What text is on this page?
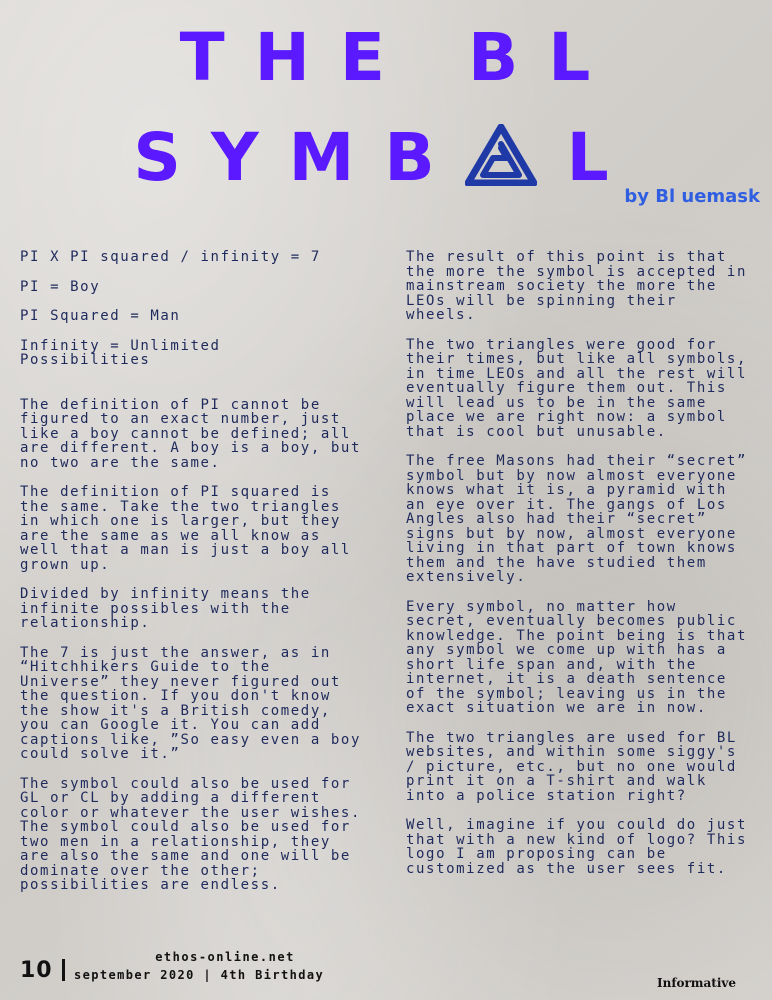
THE BL
SYMB L

by Bl uemask

PI X PI squared / infinity = 7

PI = Boy

PI Squared = Man

Infinity = Unlimited Possibilities

The definition of PI cannot be figured to an exact number, just like a boy cannot be defined; all are different. A boy is a boy, but no two are the same.

The definition of PI squared is the same. Take the two triangles in which one is larger, but they are the same as we all know as well that a man is just a boy all grown up.

Divided by infinity means the infinite possibles with the relationship.

The 7 is just the answer, as in “Hitchhikers Guide to the Universe” they never figured out the question. If you don't know the show it's a British comedy, you can Google it. You can add captions like, ”So easy even a boy could solve it.”

The symbol could also be used for GL or CL by adding a different color or whatever the user wishes. The symbol could also be used for two men in a relationship, they are also the same and one will be dominate over the other; possibilities are endless.

The result of this point is that the more the symbol is accepted in mainstream society the more the LEOs will be spinning their wheels.

The two triangles were good for their times, but like all symbols, in time LEOs and all the rest will eventually figure them out. This will lead us to be in the same place we are right now: a symbol that is cool but unusable.

The free Masons had their “secret” symbol but by now almost everyone knows what it is, a pyramid with an eye over it. The gangs of Los Angles also had their “secret” signs but by now, almost everyone living in that part of town knows them and the have studied them extensively.

Every symbol, no matter how secret, eventually becomes public knowledge. The point being is that any symbol we come up with has a short life span and, with the internet, it is a death sentence of the symbol; leaving us in the exact situation we are in now.

The two triangles are used for BL websites, and within some siggy's / picture, etc., but no one would print it on a T-shirt and walk into a police station right?

Well, imagine if you could do just that with a new kind of logo? This logo I am proposing can be customized as the user sees fit.

10

ethos-online.net

september 2020 | 4th Birthday

Informative
